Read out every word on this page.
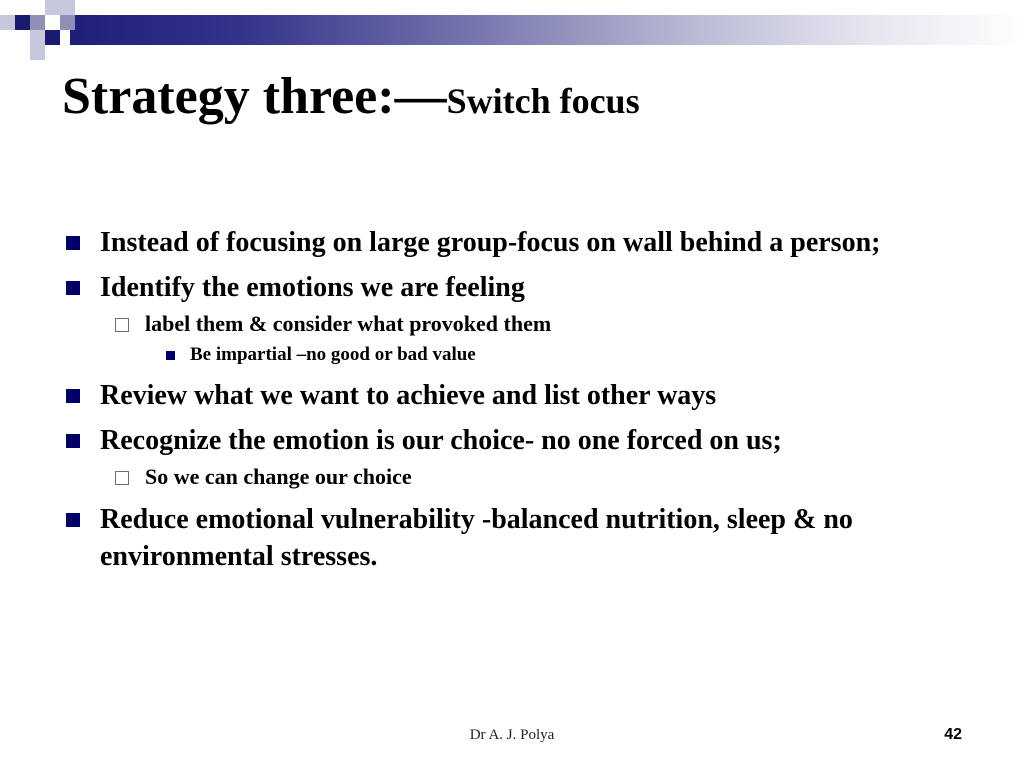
Strategy three:—Switch focus
Instead of focusing on large group-focus on wall behind a person;
Identify the emotions we are feeling
label them & consider what provoked them
Be impartial –no good or bad value
Review what we want to achieve and list other ways
Recognize the emotion is our choice- no one forced on us;
So we can change our choice
Reduce emotional vulnerability -balanced nutrition, sleep & no environmental stresses.
Dr A. J. Polya	42
